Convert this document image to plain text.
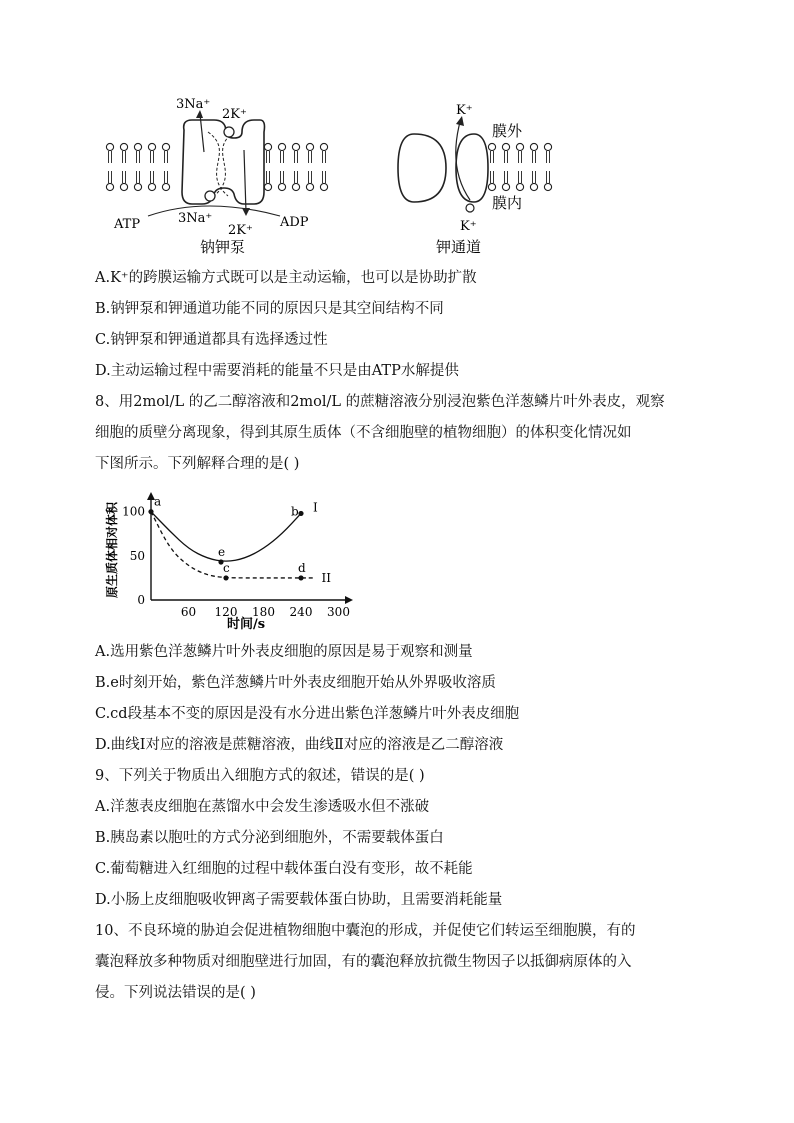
3Na⁺
2K⁺
3Na⁺
2K⁺
ATP	ADP
钠钾泵
K⁺
K⁺
膜外
膜内
钾通道
A.K⁺的跨膜运输方式既可以是主动运输，也可以是协助扩散
B.钠钾泵和钾通道功能不同的原因只是其空间结构不同
C.钠钾泵和钾通道都具有选择透过性
D.主动运输过程中需要消耗的能量不只是由ATP水解提供
8、用2mol/L 的乙二醇溶液和2mol/L 的蔗糖溶液分别浸泡紫色洋葱鳞片叶外表皮，观察
细胞的质壁分离现象，得到其原生质体（不含细胞壁的植物细胞）的体积变化情况如
下图所示。下列解释合理的是( )
60 120 180 240 300
0
50
100	I
II
a
b
e
c	d
原生质体相对体积
时间/s
A.选用紫色洋葱鳞片叶外表皮细胞的原因是易于观察和测量
B.e时刻开始，紫色洋葱鳞片叶外表皮细胞开始从外界吸收溶质
C.cd段基本不变的原因是没有水分进出紫色洋葱鳞片叶外表皮细胞
D.曲线Ⅰ对应的溶液是蔗糖溶液，曲线Ⅱ对应的溶液是乙二醇溶液
9、下列关于物质出入细胞方式的叙述，错误的是( )
A.洋葱表皮细胞在蒸馏水中会发生渗透吸水但不涨破
B.胰岛素以胞吐的方式分泌到细胞外，不需要载体蛋白
C.葡萄糖进入红细胞的过程中载体蛋白没有变形，故不耗能
D.小肠上皮细胞吸收钾离子需要载体蛋白协助，且需要消耗能量
10、不良环境的胁迫会促进植物细胞中囊泡的形成，并促使它们转运至细胞膜，有的
囊泡释放多种物质对细胞壁进行加固，有的囊泡释放抗微生物因子以抵御病原体的入
侵。下列说法错误的是( )
